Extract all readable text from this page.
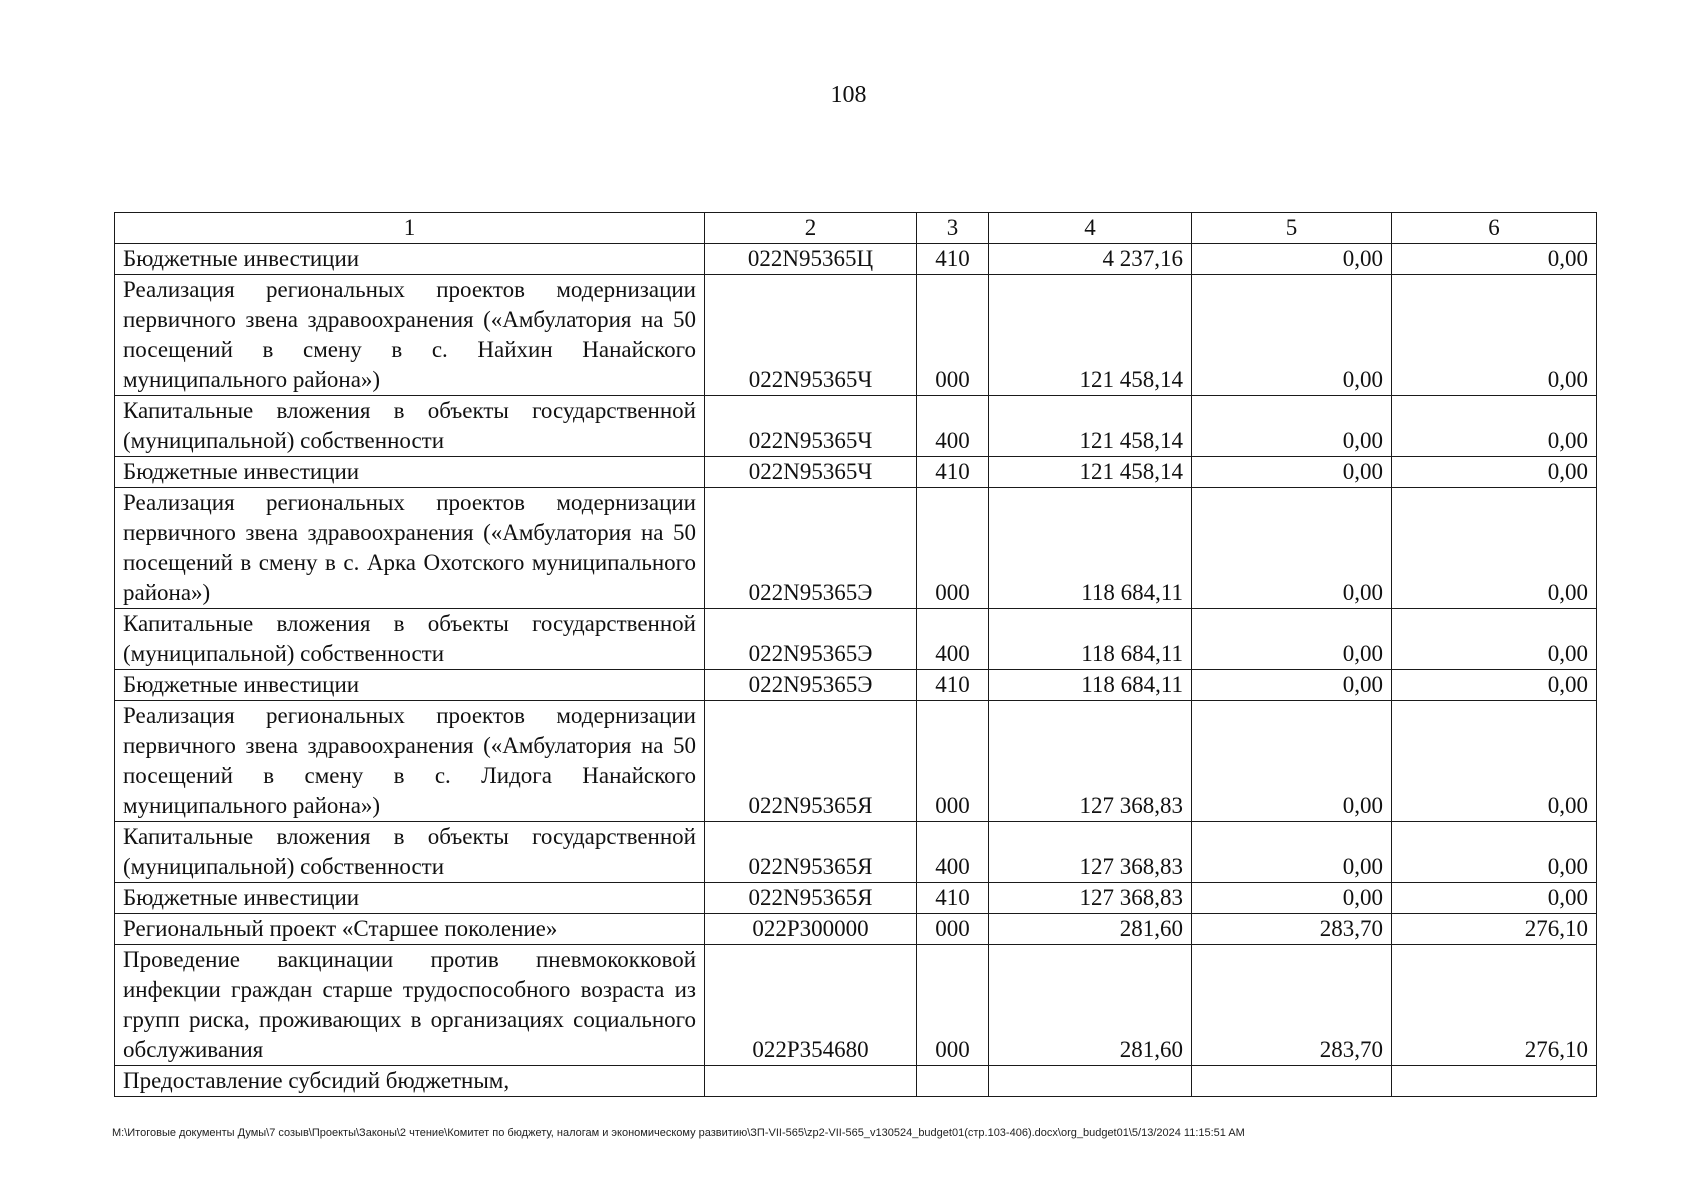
108
1	2	3	4	5	6
Бюджетные инвестиции	022N95365Ц	410	4 237,16	0,00	0,00
Реализация региональных проектов модернизации первичного звена здравоохранения («Амбулатория на 50 посещений в смену в с. Найхин Нанайского муниципального района»)	022N95365Ч	000	121 458,14	0,00	0,00
Капитальные вложения в объекты государственной (муниципальной) собственности	022N95365Ч	400	121 458,14	0,00	0,00
Бюджетные инвестиции	022N95365Ч	410	121 458,14	0,00	0,00
Реализация региональных проектов модернизации первичного звена здравоохранения («Амбулатория на 50 посещений в смену в с. Арка Охотского муниципального района»)	022N95365Э	000	118 684,11	0,00	0,00
Капитальные вложения в объекты государственной (муниципальной) собственности	022N95365Э	400	118 684,11	0,00	0,00
Бюджетные инвестиции	022N95365Э	410	118 684,11	0,00	0,00
Реализация региональных проектов модернизации первичного звена здравоохранения («Амбулатория на 50 посещений в смену в с. Лидога Нанайского муниципального района»)	022N95365Я	000	127 368,83	0,00	0,00
Капитальные вложения в объекты государственной (муниципальной) собственности	022N95365Я	400	127 368,83	0,00	0,00
Бюджетные инвестиции	022N95365Я	410	127 368,83	0,00	0,00
Региональный проект «Старшее поколение»	022P300000	000	281,60	283,70	276,10
Проведение вакцинации против пневмококковой инфекции граждан старше трудоспособного возраста из групп риска, проживающих в организациях социального обслуживания	022P354680	000	281,60	283,70	276,10
Предоставление субсидий бюджетным,					
M:\Итоговые документы Думы\7 созыв\Проекты\Законы\2 чтение\Комитет по бюджету, налогам и экономическому развитию\ЗП-VII-565\zp2-VII-565_v130524_budget01(стр.103-406).docx\org_budget01\5/13/2024 11:15:51 AM
